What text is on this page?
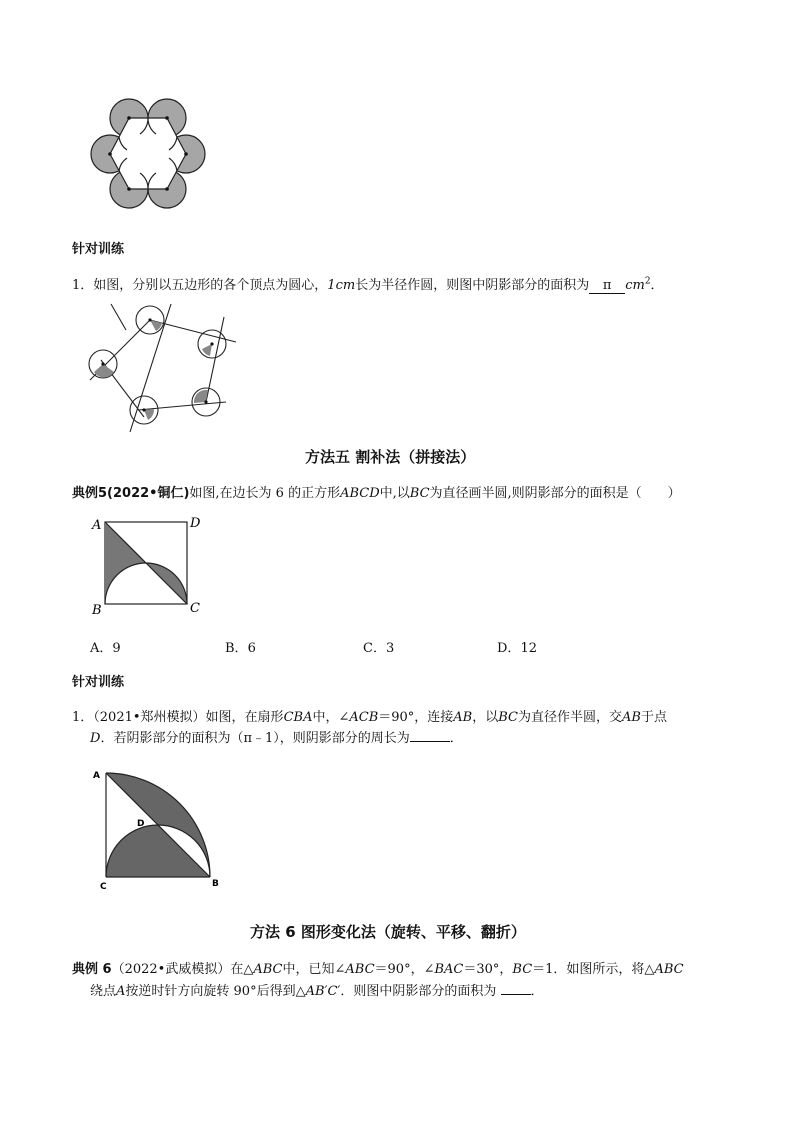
针对训练
1．如图，分别以五边形的各个顶点为圆心，1cm长为半径作圆，则图中阴影部分的面积为 π $cm^2$．
方法五 割补法（拼接法）
典例5(2022•铜仁)如图,在边长为 6 的正方形ABCD中,以BC为直径画半圆,则阴影部分的面积是（　　）
A	D
B	C
A．9	B．6	C．3	D．12
针对训练
1．（2021•郑州模拟）如图，在扇形CBA中，∠ACB＝90°，连接AB，以BC为直径作半圆，交AB于点
D．若阴影部分的面积为（π﹣1），则阴影部分的周长为	．
A
D
C	B
方法 6 图形变化法（旋转、平移、翻折）
典例 6（2022•武威模拟）在△ABC中，已知∠ABC＝90°，∠BAC＝30°，BC＝1．如图所示，将△ABC
绕点A按逆时针方向旋转 90°后得到△AB′C′．则图中阴影部分的面积为	．
